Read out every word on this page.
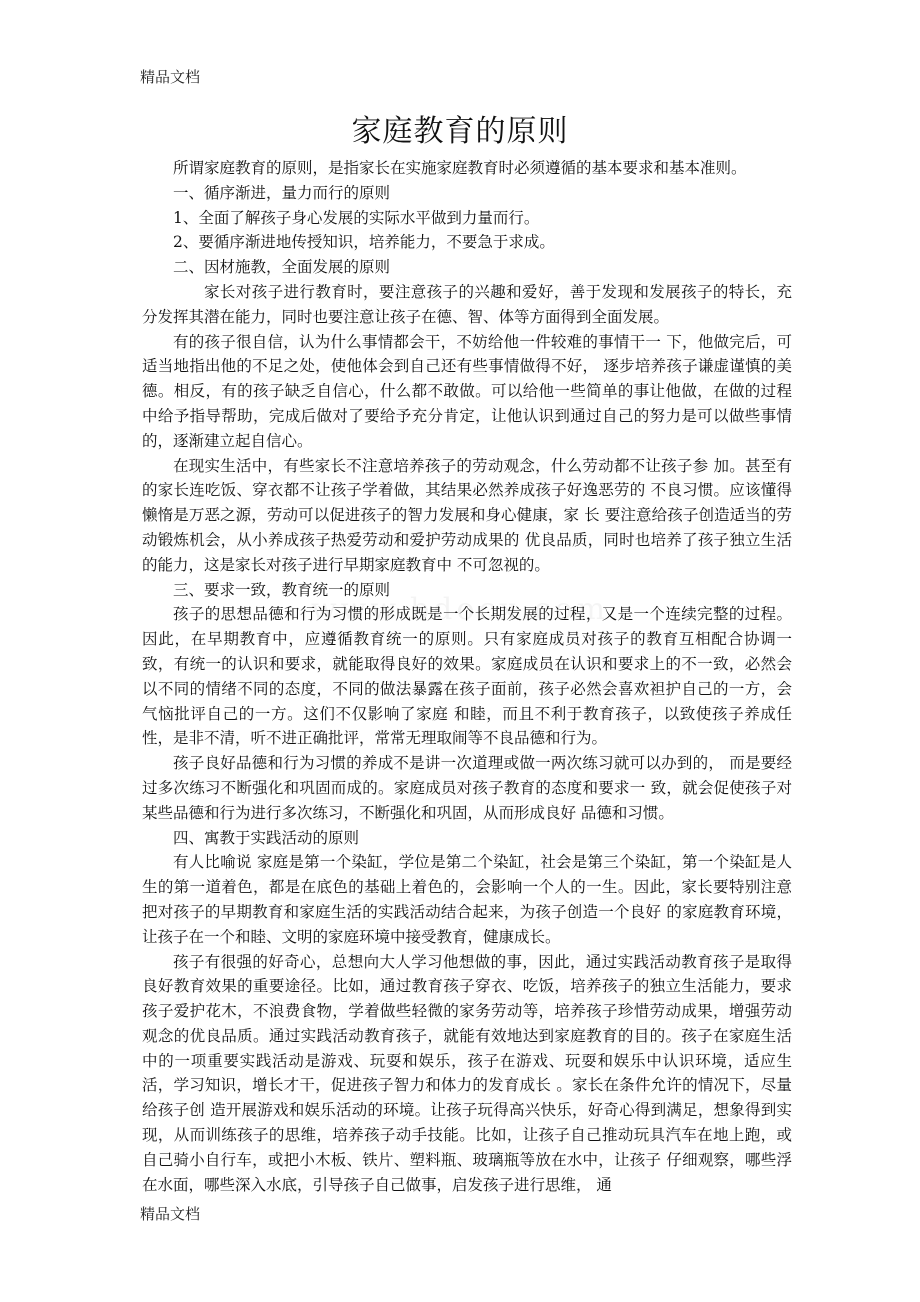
精品文档
家庭教育的原则

所谓家庭教育的原则，是指家长在实施家庭教育时必须遵循的基本要求和基本准则。

一、循序渐进，量力而行的原则

1、全面了解孩子身心发展的实际水平做到力量而行。

2、要循序渐进地传授知识，培养能力，不要急于求成。

二、因材施教，全面发展的原则

家长对孩子进行教育时，要注意孩子的兴趣和爱好，善于发现和发展孩子的特长，充分发挥其潜在能力，同时也要注意让孩子在德、智、体等方面得到全面发展。

有的孩子很自信，认为什么事情都会干，不妨给他一件较难的事情干一 下，他做完后，可适当地指出他的不足之处，使他体会到自己还有些事情做得不好， 逐步培养孩子谦虚谨慎的美德。相反，有的孩子缺乏自信心，什么都不敢做。可以给他一些简单的事让他做，在做的过程中给予指导帮助，完成后做对了要给予充分肯定，让他认识到通过自己的努力是可以做些事情的，逐渐建立起自信心。

在现实生活中，有些家长不注意培养孩子的劳动观念，什么劳动都不让孩子参 加。甚至有的家长连吃饭、穿衣都不让孩子学着做，其结果必然养成孩子好逸恶劳的 不良习惯。应该懂得懒惰是万恶之源，劳动可以促进孩子的智力发展和身心健康，家 长 要注意给孩子创造适当的劳动锻炼机会，从小养成孩子热爱劳动和爱护劳动成果的 优良品质，同时也培养了孩子独立生活的能力，这是家长对孩子进行早期家庭教育中 不可忽视的。

三、要求一致，教育统一的原则

孩子的思想品德和行为习惯的形成既是一个长期发展的过程，又是一个连续完整的过程。因此，在早期教育中，应遵循教育统一的原则。只有家庭成员对孩子的教育互相配合协调一致，有统一的认识和要求，就能取得良好的效果。家庭成员在认识和要求上的不一致，必然会以不同的情绪不同的态度，不同的做法暴露在孩子面前，孩子必然会喜欢袒护自己的一方，会气恼批评自己的一方。这们不仅影响了家庭 和睦，而且不利于教育孩子，以致使孩子养成任性，是非不清，听不进正确批评，常常无理取闹等不良品德和行为。

孩子良好品德和行为习惯的养成不是讲一次道理或做一两次练习就可以办到的， 而是要经过多次练习不断强化和巩固而成的。家庭成员对孩子教育的态度和要求一 致，就会促使孩子对某些品德和行为进行多次练习，不断强化和巩固，从而形成良好 品德和习惯。

四、寓教于实践活动的原则

有人比喻说 家庭是第一个染缸，学位是第二个染缸，社会是第三个染缸，第一个染缸是人生的第一道着色，都是在底色的基础上着色的，会影响一个人的一生。因此，家长要特别注意把对孩子的早期教育和家庭生活的实践活动结合起来，为孩子创造一个良好 的家庭教育环境，让孩子在一个和睦、文明的家庭环境中接受教育，健康成长。

孩子有很强的好奇心，总想向大人学习他想做的事，因此，通过实践活动教育孩子是取得良好教育效果的重要途径。比如，通过教育孩子穿衣、吃饭，培养孩子的独立生活能力，要求孩子爱护花木，不浪费食物，学着做些轻微的家务劳动等，培养孩子珍惜劳动成果，增强劳动观念的优良品质。通过实践活动教育孩子，就能有效地达到家庭教育的目的。孩子在家庭生活中的一项重要实践活动是游戏、玩耍和娱乐，孩子在游戏、玩耍和娱乐中认识环境，适应生活，学习知识，增长才干，促进孩子智力和体力的发育成长 。家长在条件允许的情况下，尽量给孩子创 造开展游戏和娱乐活动的环境。让孩子玩得高兴快乐，好奇心得到满足，想象得到实现，从而训练孩子的思维，培养孩子动手技能。比如，让孩子自己推动玩具汽车在地上跑，或自己骑小自行车，或把小木板、铁片、塑料瓶、玻璃瓶等放在水中，让孩子 仔细观察，哪些浮在水面，哪些深入水底，引导孩子自己做事，启发孩子进行思维， 通

精品文档
